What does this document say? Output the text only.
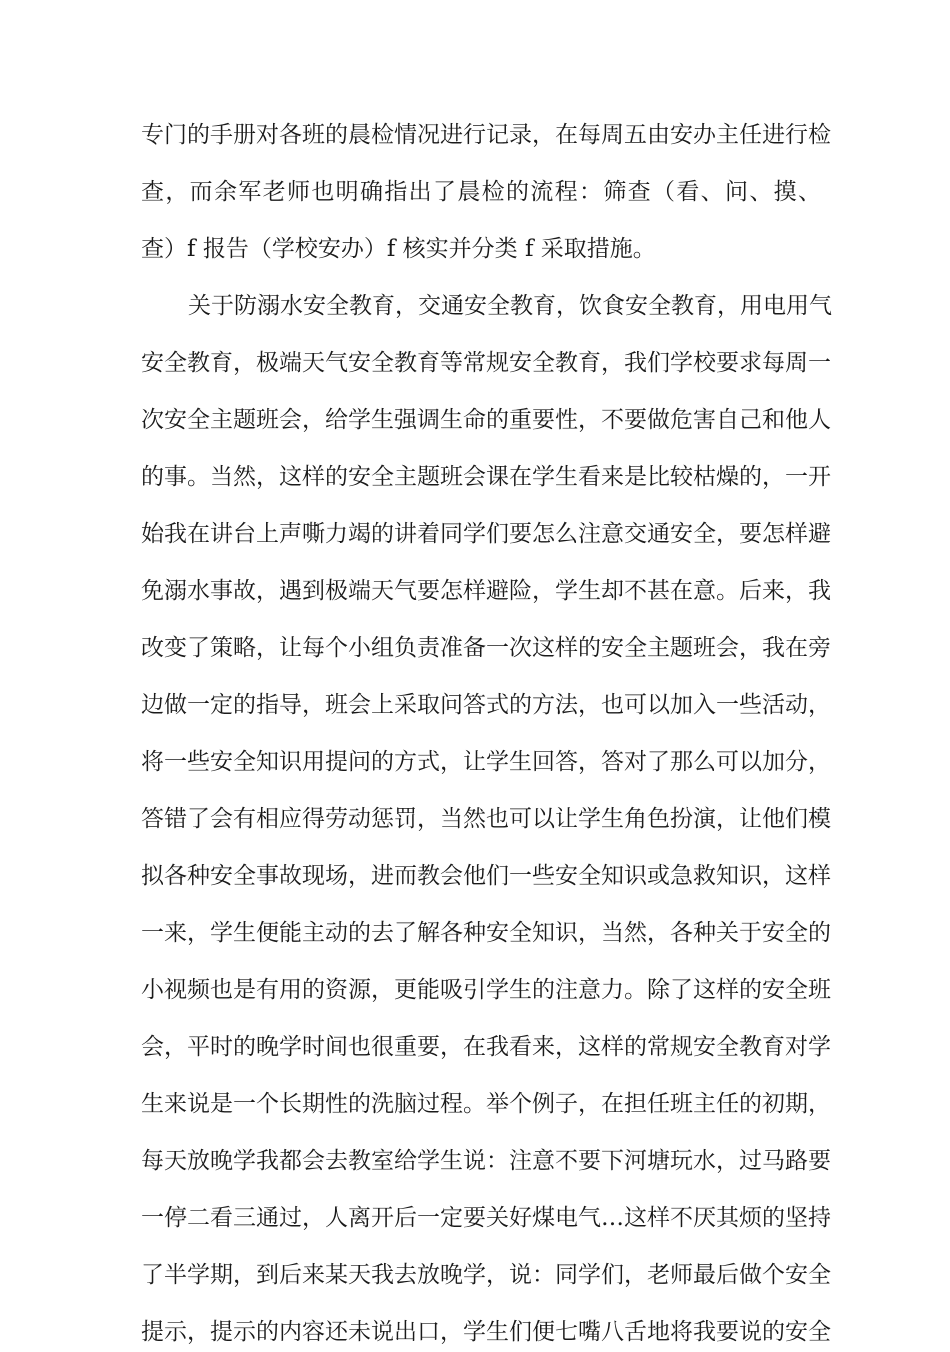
专门的手册对各班的晨检情况进行记录，在每周五由安办主任进行检
查，而余军老师也明确指出了晨检的流程：筛查（看、问、摸、
查）f 报告（学校安办）f 核实并分类 f 采取措施。
关于防溺水安全教育，交通安全教育，饮食安全教育，用电用气
安全教育，极端天气安全教育等常规安全教育，我们学校要求每周一
次安全主题班会，给学生强调生命的重要性，不要做危害自己和他人
的事。当然，这样的安全主题班会课在学生看来是比较枯燥的，一开
始我在讲台上声嘶力竭的讲着同学们要怎么注意交通安全，要怎样避
免溺水事故，遇到极端天气要怎样避险，学生却不甚在意。后来，我
改变了策略，让每个小组负责准备一次这样的安全主题班会，我在旁
边做一定的指导，班会上采取问答式的方法，也可以加入一些活动，
将一些安全知识用提问的方式，让学生回答，答对了那么可以加分，
答错了会有相应得劳动惩罚，当然也可以让学生角色扮演，让他们模
拟各种安全事故现场，进而教会他们一些安全知识或急救知识，这样
一来，学生便能主动的去了解各种安全知识，当然，各种关于安全的
小视频也是有用的资源，更能吸引学生的注意力。除了这样的安全班
会，平时的晚学时间也很重要，在我看来，这样的常规安全教育对学
生来说是一个长期性的洗脑过程。举个例子，在担任班主任的初期，
每天放晚学我都会去教室给学生说：注意不要下河塘玩水，过马路要
一停二看三通过，人离开后一定要关好煤电气…这样不厌其烦的坚持
了半学期，到后来某天我去放晚学，说：同学们，老师最后做个安全
提示，提示的内容还未说出口，学生们便七嘴八舌地将我要说的安全
